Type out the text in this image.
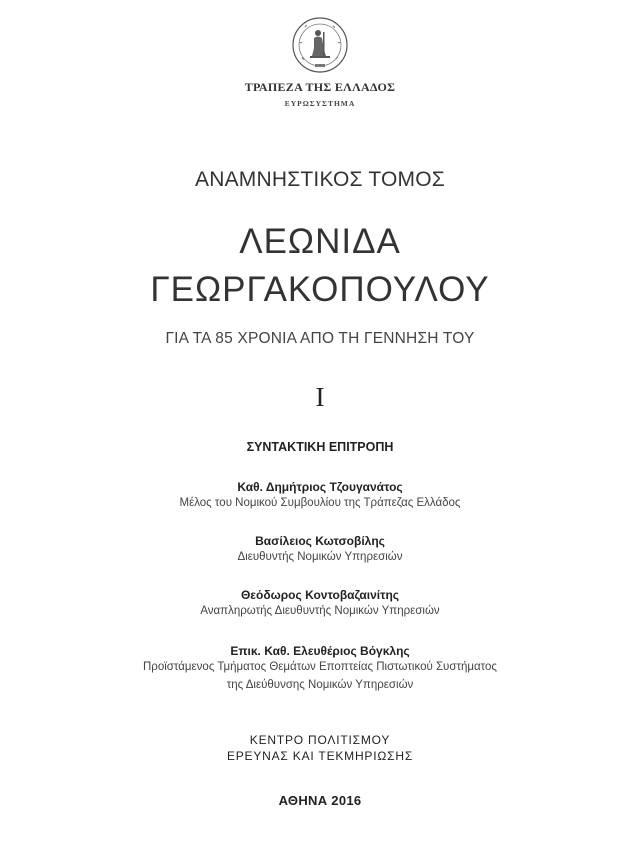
ΤΡΑΠΕΖΑ ΤΗΣ ΕΛΛΑΔΟΣ
ΕΥΡΩΣΥΣΤΗΜΑ
ΑΝΑΜΝΗΣΤΙΚΟΣ ΤΟΜΟΣ
ΛΕΩΝΙΔΑ
ΓΕΩΡΓΑΚΟΠΟΥΛΟΥ
ΓΙΑ ΤΑ 85 ΧΡΟΝΙΑ ΑΠΟ ΤΗ ΓΕΝΝΗΣΗ ΤΟΥ
Ι
ΣΥΝΤΑΚΤΙΚΗ ΕΠΙΤΡΟΠΗ
Καθ. Δημήτριος Τζουγανάτος
Μέλος του Νομικού Συμβουλίου της Τράπεζας Ελλάδος
Βασίλειος Κωτσοβίλης
Διευθυντής Νομικών Υπηρεσιών
Θεόδωρος Κοντοβαζαινίτης
Αναπληρωτής Διευθυντής Νομικών Υπηρεσιών
Επικ. Καθ. Ελευθέριος Βόγκλης
Προϊστάμενος Τμήματος Θεμάτων Εποπτείας Πιστωτικού Συστήματος
της Διεύθυνσης Νομικών Υπηρεσιών
ΚΕΝΤΡΟ ΠΟΛΙΤΙΣΜΟΥ
ΕΡΕΥΝΑΣ ΚΑΙ ΤΕΚΜΗΡΙΩΣΗΣ
ΑΘΗΝΑ 2016
